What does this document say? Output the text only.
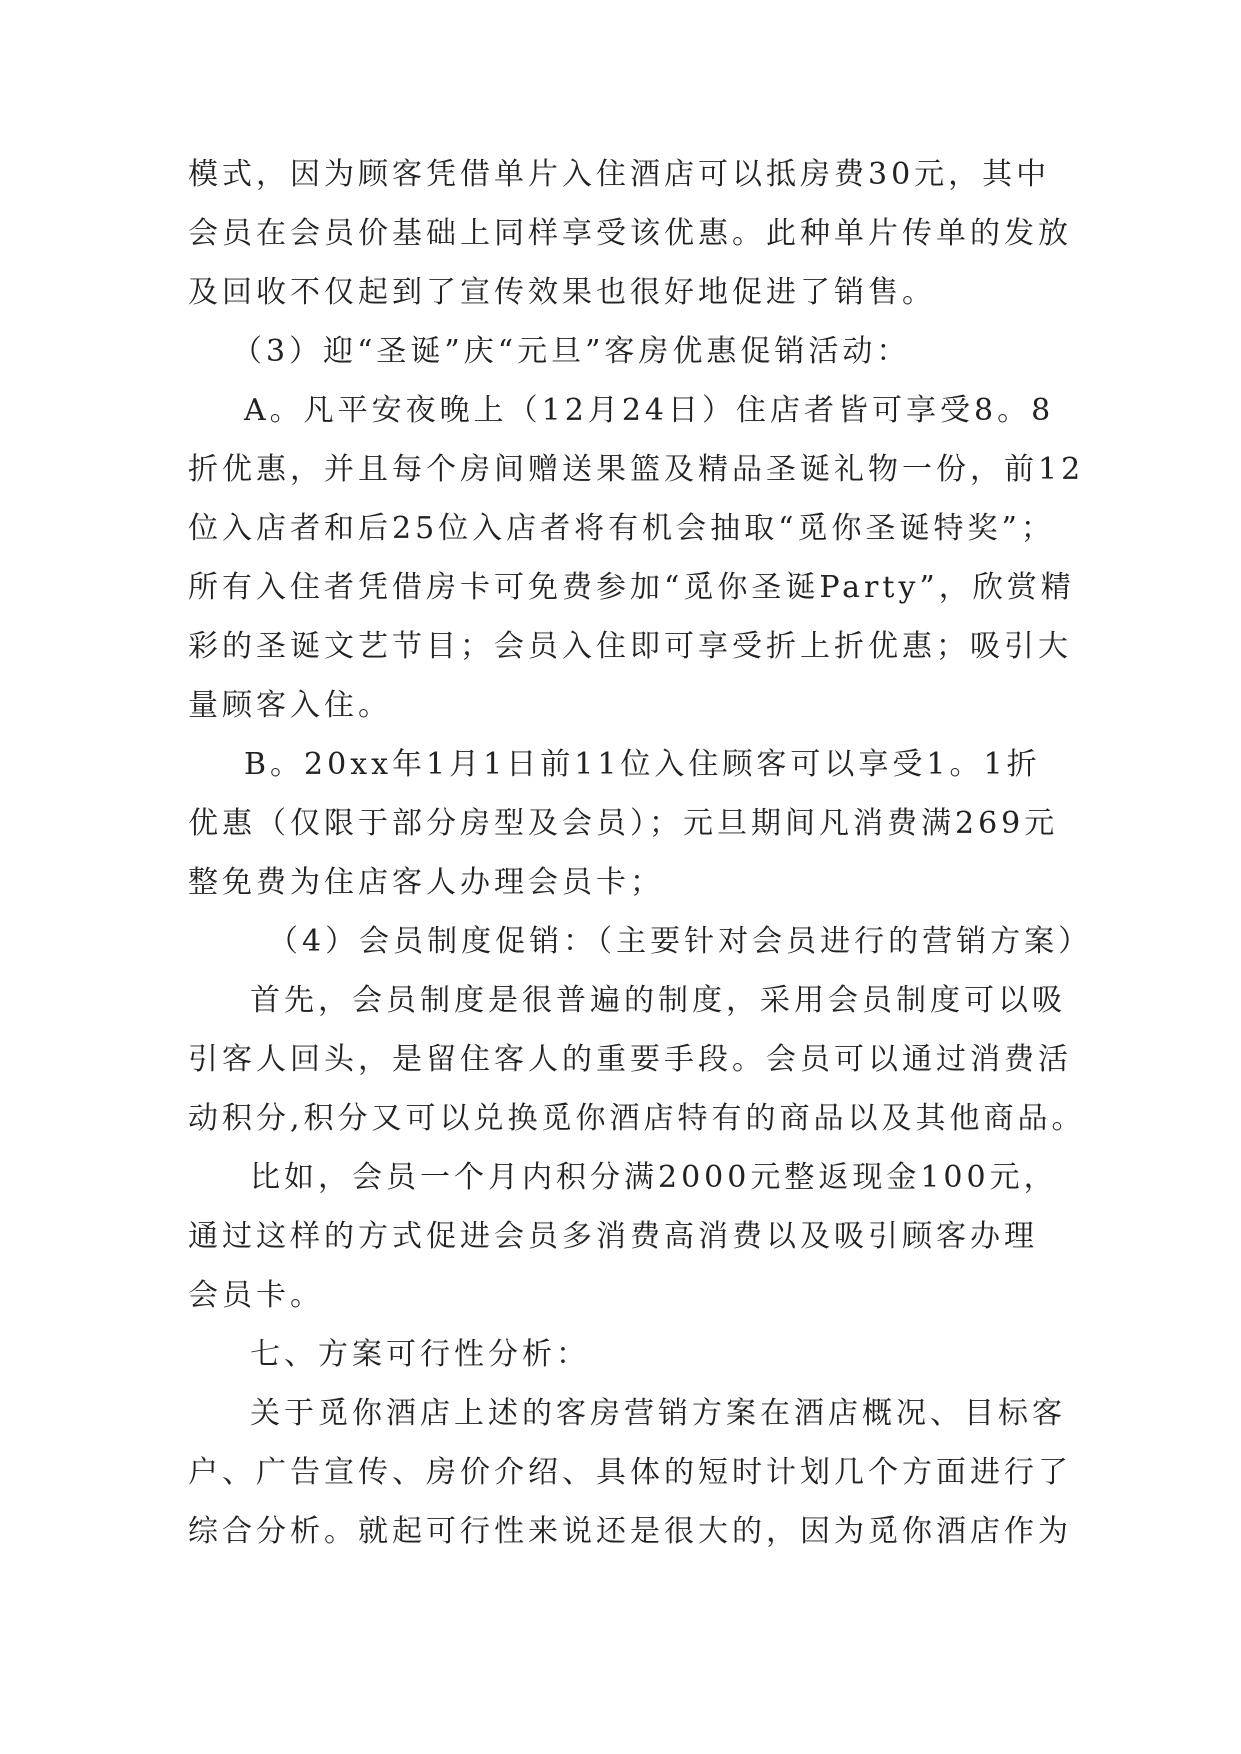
模式，因为顾客凭借单片入住酒店可以抵房费30元，其中
会员在会员价基础上同样享受该优惠。此种单片传单的发放
及回收不仅起到了宣传效果也很好地促进了销售。
（3）迎“圣诞”庆“元旦”客房优惠促销活动：
A。凡平安夜晚上（12月24日）住店者皆可享受8。8
折优惠，并且每个房间赠送果篮及精品圣诞礼物一份，前12
位入店者和后25位入店者将有机会抽取“觅你圣诞特奖”；
所有入住者凭借房卡可免费参加“觅你圣诞Party”，欣赏精
彩的圣诞文艺节目；会员入住即可享受折上折优惠；吸引大
量顾客入住。
B。20xx年1月1日前11位入住顾客可以享受1。1折
优惠（仅限于部分房型及会员）；元旦期间凡消费满269元
整免费为住店客人办理会员卡；
（4）会员制度促销：（主要针对会员进行的营销方案）
首先，会员制度是很普遍的制度，采用会员制度可以吸
引客人回头，是留住客人的重要手段。会员可以通过消费活
动积分,积分又可以兑换觅你酒店特有的商品以及其他商品。
比如，会员一个月内积分满2000元整返现金100元，
通过这样的方式促进会员多消费高消费以及吸引顾客办理
会员卡。
七、方案可行性分析：
关于觅你酒店上述的客房营销方案在酒店概况、目标客
户、广告宣传、房价介绍、具体的短时计划几个方面进行了
综合分析。就起可行性来说还是很大的，因为觅你酒店作为
